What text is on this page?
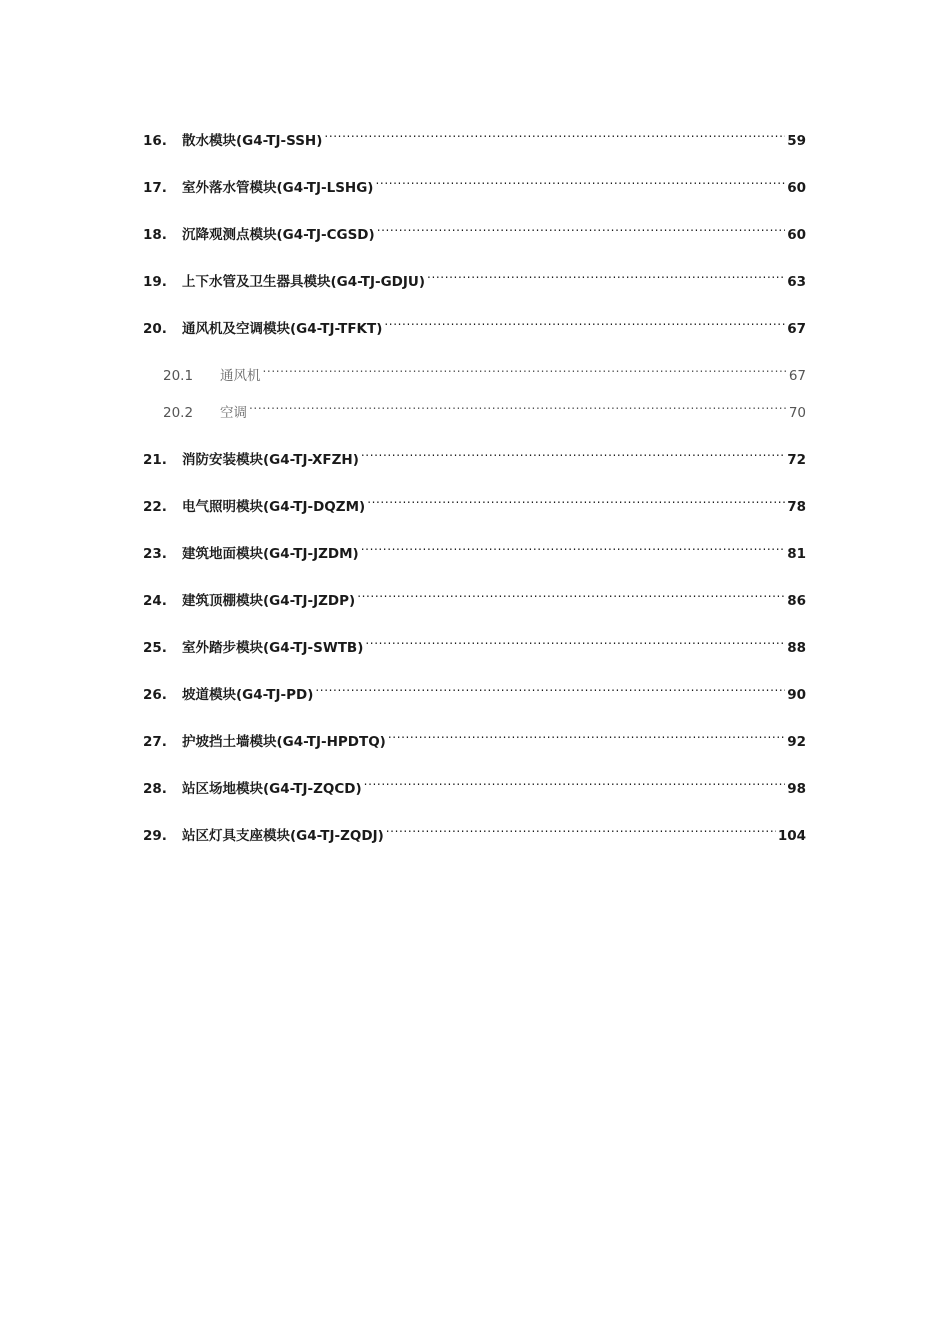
16.	散水模块(G4-TJ-SSH) .....	59
17.	室外落水管模块(G4-TJ-LSHG) .....	60
18.	沉降观测点模块(G4-TJ-CGSD) .....	60
19.	上下水管及卫生器具模块(G4-TJ-GDJU) .....	63
20.	通风机及空调模块(G4-TJ-TFKT) .....	67
20.1	通风机 .....	67
20.2	空调 .....	70
21.	消防安装模块(G4-TJ-XFZH) .....	72
22.	电气照明模块(G4-TJ-DQZM) .....	78
23.	建筑地面模块(G4-TJ-JZDM) .....	81
24.	建筑顶棚模块(G4-TJ-JZDP) .....	86
25.	室外踏步模块(G4-TJ-SWTB) .....	88
26.	坡道模块(G4-TJ-PD) .....	90
27.	护坡挡土墙模块(G4-TJ-HPDTQ) .....	92
28.	站区场地模块(G4-TJ-ZQCD) .....	98
29.	站区灯具支座模块(G4-TJ-ZQDJ) .....	104
